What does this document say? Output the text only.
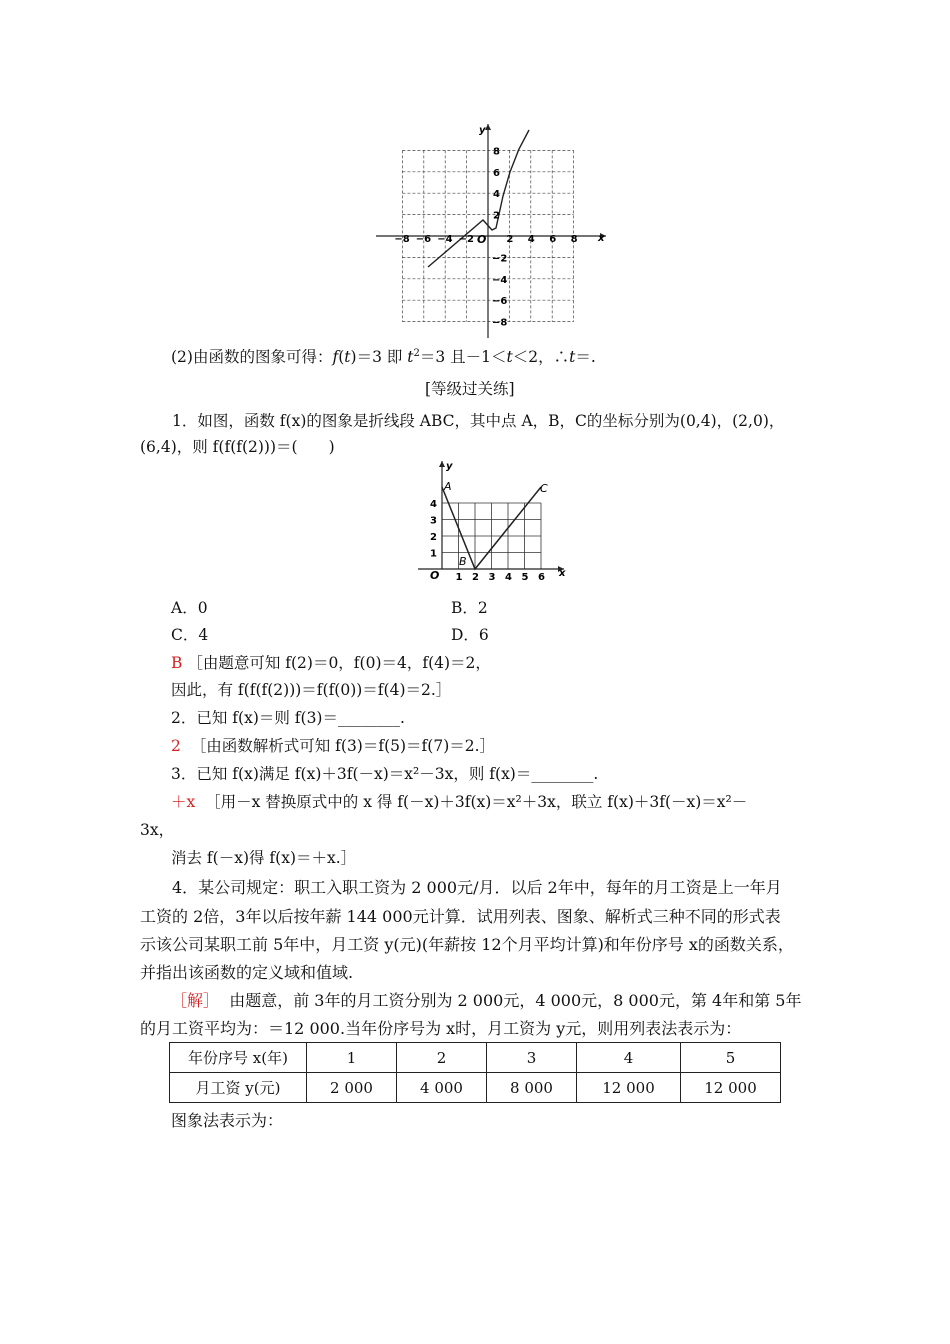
y
x
O
−8 −6 −4 −2	2 4 6 8
8
6
4
2
−2
−4
−6
−8
(2)由函数的图象可得：f(t)＝3 即 $t^2=3$ 且－1＜t＜2，∴t＝.
[等级过关练]
1．如图，函数 f(x)的图象是折线段 ABC，其中点 A，B，C的坐标分别为(0,4)，(2,0)，
(6,4)，则 f(f(f(2)))＝(　　)
y
x
O
A
B
C
1 2 3 4 5 6
1
2
3
4
A．0	B．2
C．4	D．6
B ［由题意可知 f(2)＝0，f(0)＝4，f(4)＝2，
因此，有 f(f(f(2)))＝f(f(0))＝f(4)＝2.］
2．已知 f(x)＝则 f(3)＝________.
2 ［由函数解析式可知 f(3)＝f(5)＝f(7)＝2.］
3．已知 f(x)满足 f(x)＋3f(－x)＝x²－3x，则 f(x)＝________.
＋x ［用－x 替换原式中的 x 得 f(－x)＋3f(x)＝x²＋3x，联立 f(x)＋3f(－x)＝x²－
3x，
消去 f(－x)得 f(x)＝＋x.］
4．某公司规定：职工入职工资为 2 000元/月．以后 2年中，每年的月工资是上一年月
工资的 2倍，3年以后按年薪 144 000元计算．试用列表、图象、解析式三种不同的形式表
示该公司某职工前 5年中，月工资 y(元)(年薪按 12个月平均计算)和年份序号 x的函数关系，
并指出该函数的定义域和值域.
［解］ 由题意，前 3年的月工资分别为 2 000元，4 000元，8 000元，第 4年和第 5年
的月工资平均为：＝12 000.当年份序号为 x时，月工资为 y元，则用列表法表示为：
年份序号 x(年)	1	2	3	4	5
月工资 y(元)	2 000	4 000	8 000	12 000	12 000
图象法表示为：
